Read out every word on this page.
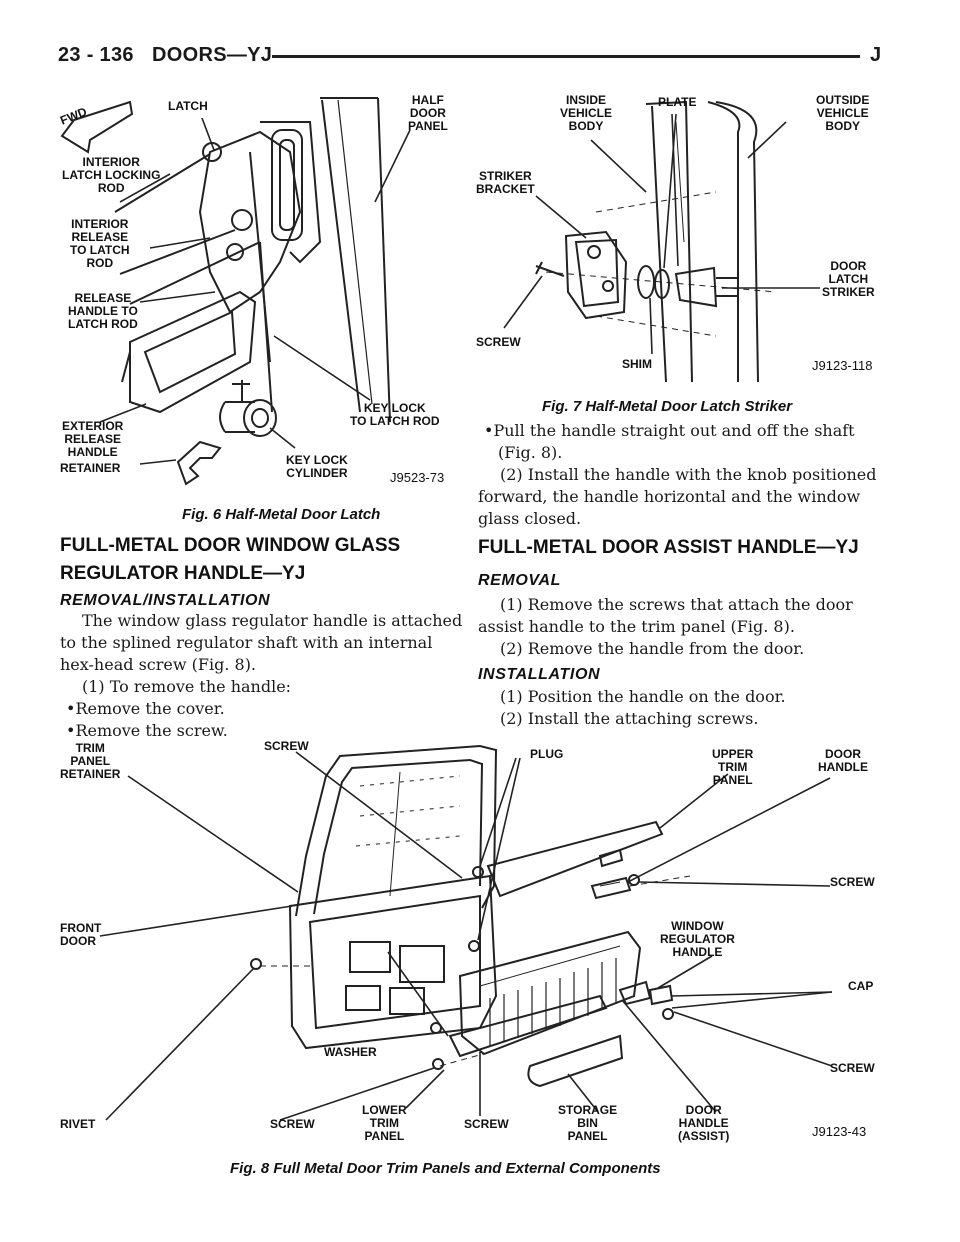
23 - 136 DOORS—YJ	J
FWD	LATCH	HALF
DOOR
PANEL
INTERIOR
LATCH LOCKING
ROD
INTERIOR
RELEASE
TO LATCH
ROD
RELEASE
HANDLE TO
LATCH ROD
EXTERIOR
RELEASE
HANDLE
RETAINER
KEY LOCK
CYLINDER
KEY LOCK
TO LATCH ROD
J9523-73
Fig. 6 Half-Metal Door Latch
INSIDE
VEHICLE
BODY
PLATE	OUTSIDE
VEHICLE
BODY
STRIKER
BRACKET
DOOR
LATCH
STRIKER
SCREW
SHIM	J9123-118
Fig. 7 Half-Metal Door Latch Striker
FULL-METAL DOOR WINDOW GLASS REGULATOR HANDLE—YJ
REMOVAL/INSTALLATION
The window glass regulator handle is attached to the splined regulator shaft with an internal hex-head screw (Fig. 8).
(1) To remove the handle:
•Remove the cover.
•Remove the screw.
•Pull the handle straight out and off the shaft (Fig. 8).
(2) Install the handle with the knob positioned forward, the handle horizontal and the window glass closed.
FULL-METAL DOOR ASSIST HANDLE—YJ
REMOVAL
(1) Remove the screws that attach the door assist handle to the trim panel (Fig. 8).
(2) Remove the handle from the door.
INSTALLATION
(1) Position the handle on the door.
(2) Install the attaching screws.
TRIM
PANEL
RETAINER
SCREW
PLUG	UPPER
TRIM
PANEL
DOOR
HANDLE
SCREW
FRONT
DOOR
WINDOW
REGULATOR
HANDLE
CAP
WASHER
SCREW
RIVET	SCREW
LOWER
TRIM
PANEL
SCREW
STORAGE
BIN
PANEL
DOOR
HANDLE
(ASSIST)	J9123-43
Fig. 8 Full Metal Door Trim Panels and External Components
